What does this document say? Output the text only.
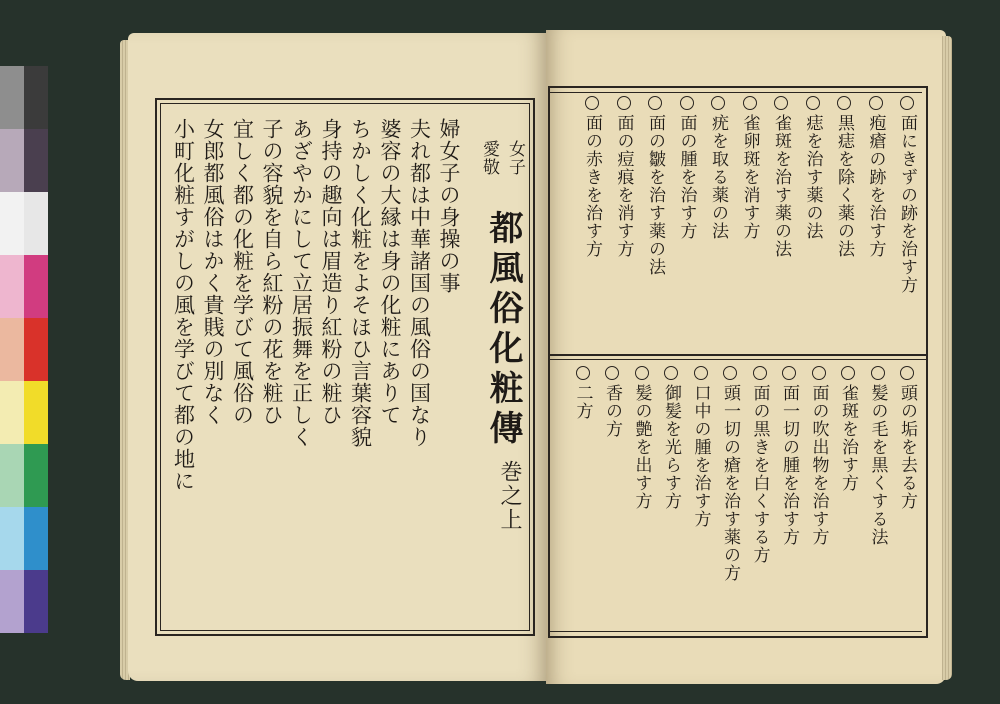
女子
愛敬
都風俗化粧傳
巻之上
婦女子の身操の事
夫れ都は中華諸国の風俗の国なり
婆容の大縁は身の化粧にありて
ちかしく化粧をよそほひ言葉容貌
身持の趣向は眉造り紅粉の粧ひ
あざやかにして立居振舞を正しく
子の容貌を自ら紅粉の花を粧ひ
宜しく都の化粧を学びて風俗の
女郎都風俗はかく貴賎の別なく
小町化粧すがしの風を学びて都の地に	面にきずの跡を治す方
疱瘡の跡を治す方
黒痣を除く薬の法
痣を治す薬の法
雀斑を治す薬の法
雀卵斑を消す方
疣を取る薬の法
面の腫を治す方
面の皺を治す薬の法
面の痘痕を消す方
面の赤きを治す方
頭の垢を去る方
髪の毛を黒くする法
雀斑を治す方
面の吹出物を治す方
面一切の腫を治す方
面の黒きを白くする方
頭一切の瘡を治す薬の方
口中の腫を治す方
御髪を光らす方
髪の艶を出す方
香の方
二方
